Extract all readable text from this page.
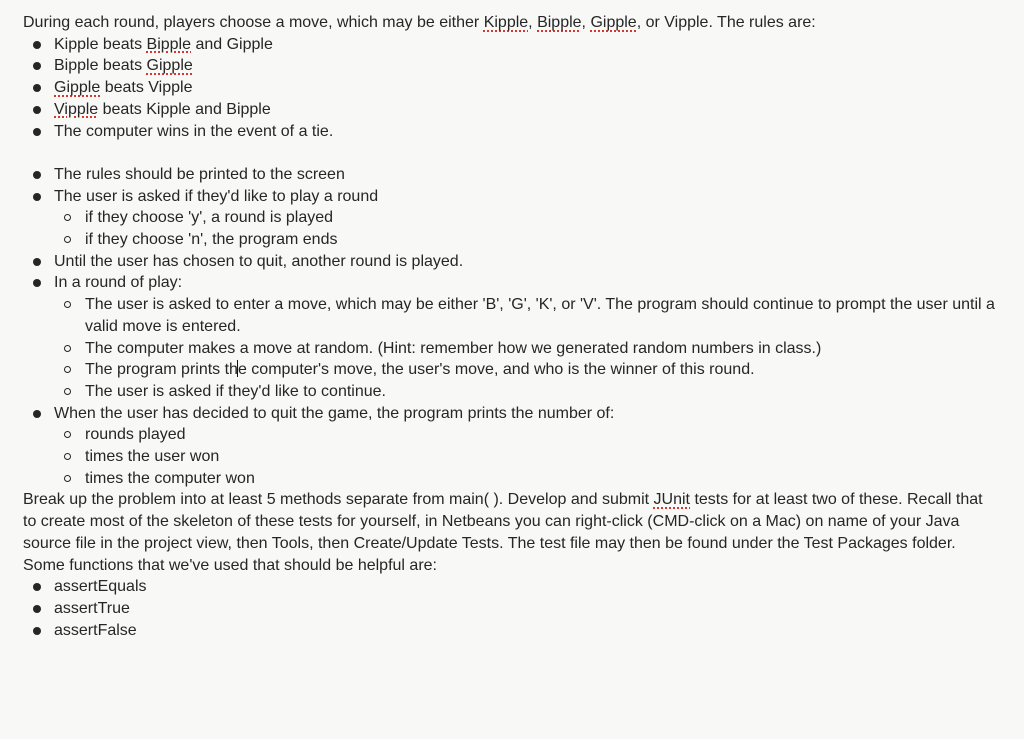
During each round, players choose a move, which may be either Kipple, Bipple, Gipple, or Vipple. The rules are:

Kipple beats Bipple and Gipple
Bipple beats Gipple
Gipple beats Vipple
Vipple beats Kipple and Bipple
The computer wins in the event of a tie.
The rules should be printed to the screen
The user is asked if they'd like to play a round
if they choose 'y', a round is played
if they choose 'n', the program ends
Until the user has chosen to quit, another round is played.
In a round of play:
The user is asked to enter a move, which may be either 'B', 'G', 'K', or 'V'. The program should continue to prompt the user until a valid move is entered.
The computer makes a move at random. (Hint: remember how we generated random numbers in class.)
The program prints the computer's move, the user's move, and who is the winner of this round.
The user is asked if they'd like to continue.
When the user has decided to quit the game, the program prints the number of:
rounds played
times the user won
times the computer won

Break up the problem into at least 5 methods separate from main( ). Develop and submit JUnit tests for at least two of these. Recall that to create most of the skeleton of these tests for yourself, in Netbeans you can right-click (CMD-click on a Mac) on name of your Java source file in the project view, then Tools, then Create/Update Tests. The test file may then be found under the Test Packages folder.

Some functions that we've used that should be helpful are:

assertEquals
assertTrue
assertFalse
